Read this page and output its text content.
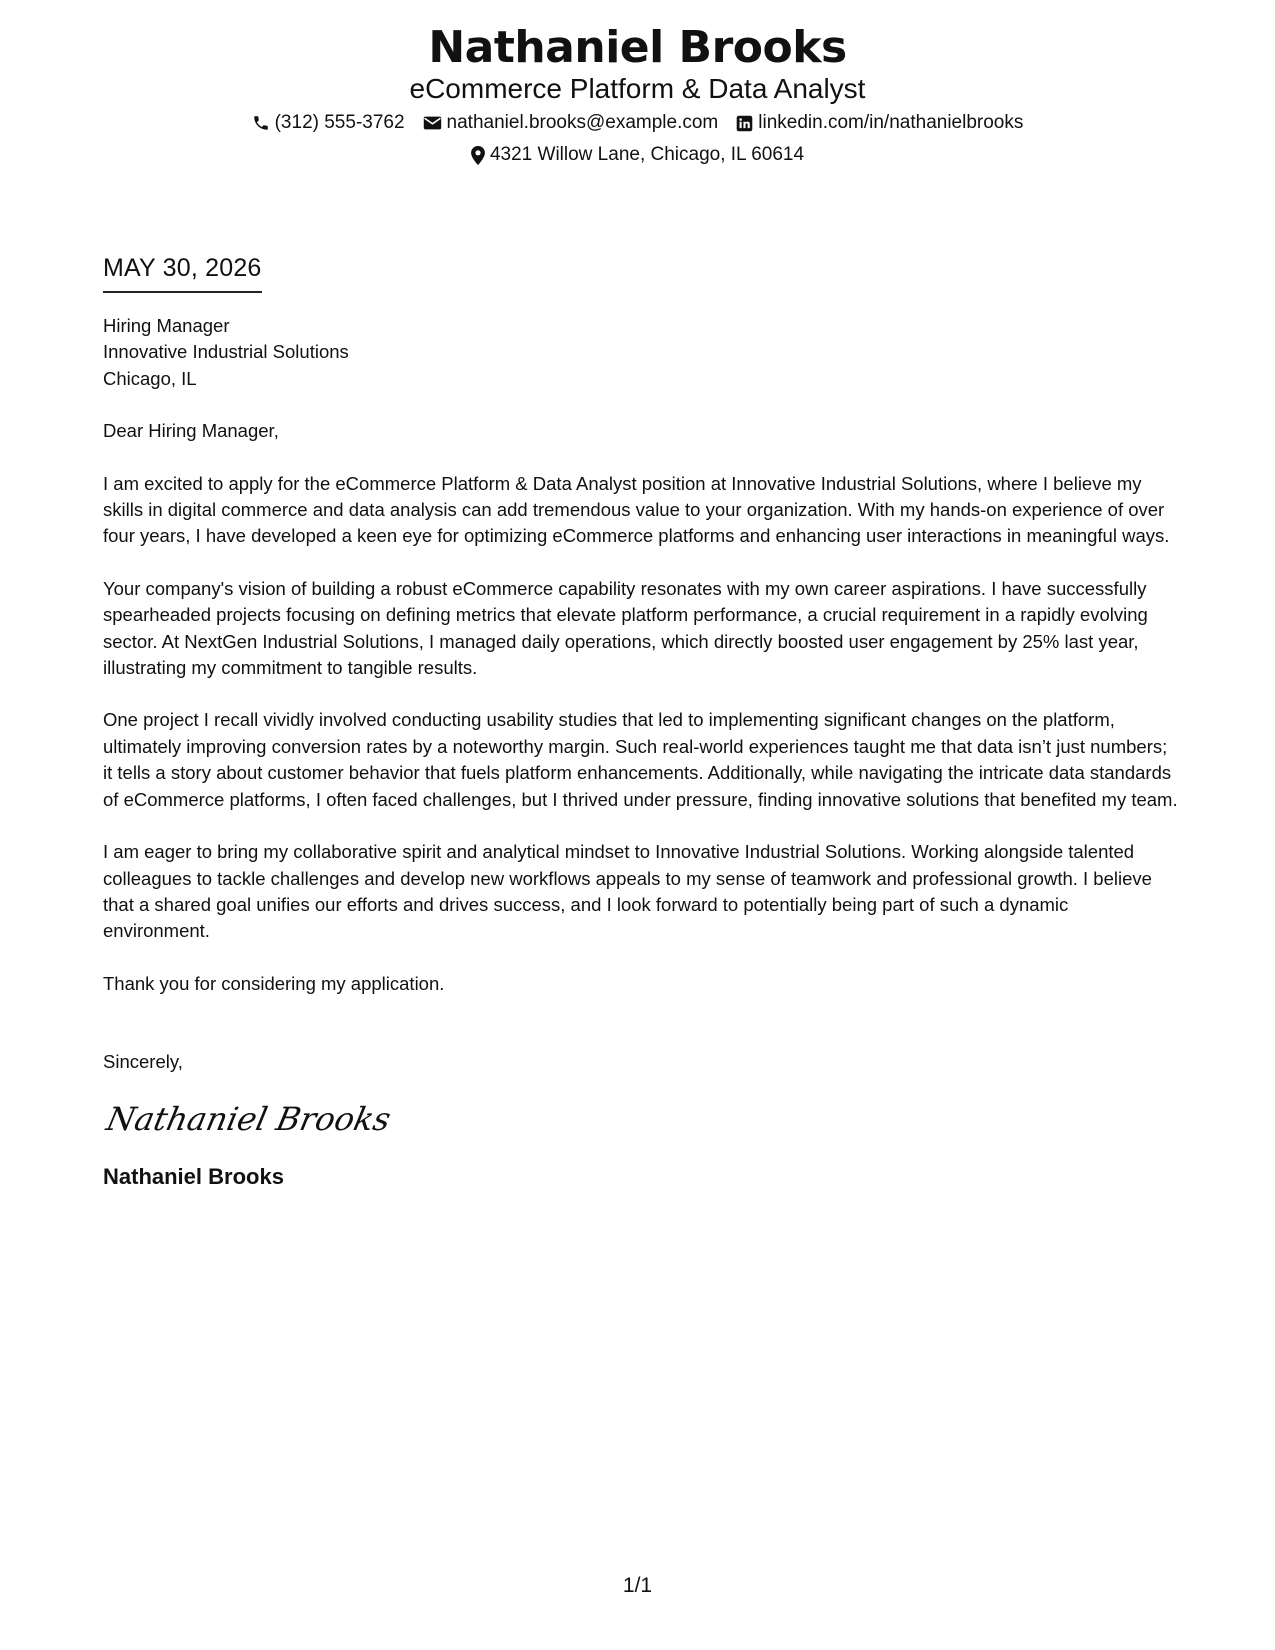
Nathaniel Brooks
eCommerce Platform & Data Analyst
(312) 555-3762 nathaniel.brooks@example.com linkedin.com/in/nathanielbrooks
4321 Willow Lane, Chicago, IL 60614
MAY 30, 2026
Hiring Manager
Innovative Industrial Solutions
Chicago, IL
Dear Hiring Manager,
I am excited to apply for the eCommerce Platform & Data Analyst position at Innovative Industrial Solutions, where I believe my skills in digital commerce and data analysis can add tremendous value to your organization. With my hands-on experience of over four years, I have developed a keen eye for optimizing eCommerce platforms and enhancing user interactions in meaningful ways.
Your company's vision of building a robust eCommerce capability resonates with my own career aspirations. I have successfully spearheaded projects focusing on defining metrics that elevate platform performance, a crucial requirement in a rapidly evolving sector. At NextGen Industrial Solutions, I managed daily operations, which directly boosted user engagement by 25% last year, illustrating my commitment to tangible results.
One project I recall vividly involved conducting usability studies that led to implementing significant changes on the platform, ultimately improving conversion rates by a noteworthy margin. Such real-world experiences taught me that data isn’t just numbers; it tells a story about customer behavior that fuels platform enhancements. Additionally, while navigating the intricate data standards of eCommerce platforms, I often faced challenges, but I thrived under pressure, finding innovative solutions that benefited my team.
I am eager to bring my collaborative spirit and analytical mindset to Innovative Industrial Solutions. Working alongside talented colleagues to tackle challenges and develop new workflows appeals to my sense of teamwork and professional growth. I believe that a shared goal unifies our efforts and drives success, and I look forward to potentially being part of such a dynamic environment.
Thank you for considering my application.
Sincerely,
Nathaniel Brooks
Nathaniel Brooks
1/1
